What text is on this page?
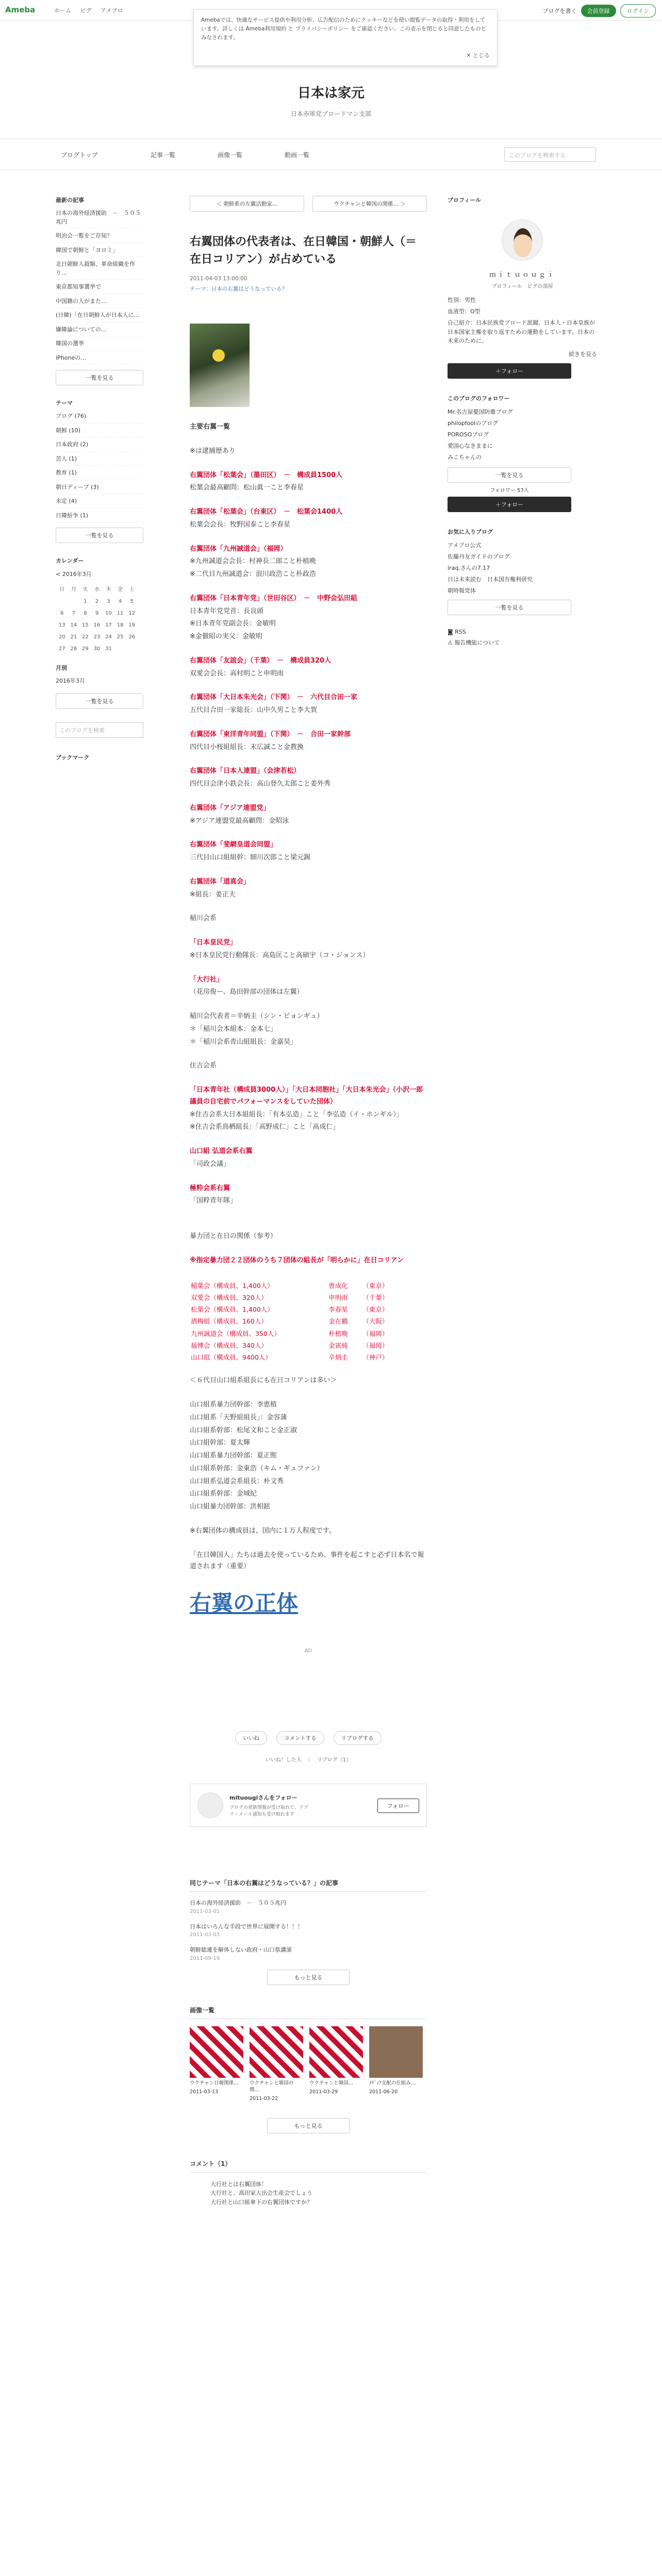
Ameba	ホーム ピグ アメブロ	ブログを書く	会員登録	ログイン
Amebaでは、快適なサービス提供や利用分析、広告配信のためにクッキーなどを使い閲覧データの取得・利用をしています。詳しくは Ameba利用規約 と プライバシーポリシー をご確認ください。この表示を閉じると同意したものとみなされます。
✕ とじる
日本は家元
日本赤軍党ブロードマン支部
ブログトップ	記事一覧	画像一覧	動画一覧	このブログを検索する
最新の記事
日本の海外経済援助　－　５０５兆円
明治会一覧をご存知？
韓国で朝鮮と「ヨロミ」
北日朝鮮人殺類、革命組織を作り…
東京都知事選挙で
中国籍の人がまた…
(日韓)「在日朝鮮人が日本人に…
嫌韓論についての…
韓国の選挙
iPhoneの…
一覧を見る
テーマ
ブログ (76)
朝鮮 (10)
日本政府 (2)
芸人 (1)
教育 (1)
朝日ディーブ (3)
未定 (4)
日韓紛争 (1)
一覧を見る
カレンダー
< 2016年3月
日	月	火	水	木	金	土
		1	2	3	4	5
6	7	8	9	10	11	12
13	14	15	16	17	18	19
20	21	22	23	24	25	26
27	28	29	30	31		
月別
2016年3月
一覧を見る
このブログを検索
ブックマーク
＜ 朝鮮系の左翼活動家…	ウクチャンと韓国の関係… ＞
右翼団体の代表者は、在日韓国・朝鮮人（＝在日コリアン）が占めている
2011-04-03 13:00:00
テーマ：日本の右翼はどうなっている？

主要右翼一覧

※は逮捕歴あり

右翼団体「松葉会」（墨田区）　－　構成員1500人

松葉会最高顧問：松山眞一こと李春星

右翼団体「松葉会」（台東区）　－　松葉会1400人

松葉会会長：牧野国泰こと李春星

右翼団体「九州誠道会」（福岡）

※九州誠道会会長：村神長二郎こと朴植晩

※二代目九州誠道会：浪川政浩こと朴政浩

右翼団体「日本青年党」（世田谷区）　－　中野会弘田組

日本青年党党首：長良頭

※日本青年党副会長：金敏明

※金徹昭の実父：金敏明

右翼団体「友誼会」（千葉）　－　構成員320人

双愛会会長：高村明こと申明雨

右翼団体「大日本朱光会」（下関）　－　六代目合田一家

五代目合田一家総長：山中久男こと李大賀

右翼団体「東洋青年同盟」（下関）　－　合田一家幹部

四代目小桜組組長：末広誠こと金教換

右翼団体「日本人連盟」（会津若松）

四代目会津小鉄会長：高山登久太郎こと姜外秀

右翼団体「アジア連盟党」

※アジア連盟党最高顧問：金昭泳

右翼団体「斐網皇道会同盟」

三代目山口組組幹：細川次郎こと梁元錫

右翼団体「道真会」

※組長：姜正夫

稲川会系

「日本皇民党」

※日本皇民党行動隊長：高島匡こと高碩宇（コ・ジョンス）

「大行社」

（花房俊ー、島田幹部の団体は左翼）

稲川会代表者＝辛炳圭（シン・ビョンギュ）

＊「稲川会本組本：金本七」

＊「稲川会系青山組組長：金嘉昊」

住吉会系

「日本青年社（構成員3000人）」「大日本同胞社」「大日本朱光会」（小沢一郎議員の自宅前でパフォーマンスをしていた団体）

※住吉会系大日本組組長：「有本弘造」こと「李弘造（イ・ホンギル）」

※住吉会系鳥栖組長：「高野成仁」こと「高成仁」

山口組 弘道会系右翼

「司政会議」

極粋会系右翼

「国粋青年隊」

暴力団と在日の関係（参考）

※指定暴力団２２団体のうち７団体の組長が「明らかに」在日コリアン

稲葉会（構成員、1,400人）	曺成化	（東京）
双愛会（構成員、320人）	申明雨	（千葉）
松葉会（構成員、1,400人）	李春星	（東京）
酒梅組（構成員、160人）	金在鶴	（大阪）
九州誠道会（構成員、350人）	朴植晩	（福岡）
福博会（構成員、340人）	金寅純	（福岡）
山口組（構成員、9400人）	辛炳圭	（神戸）

＜６代目山口組系組長にも在日コリアンは多い＞

山口組系暴力団幹部：李恵植

山口組系「天野組組長」：金容蒲

山口組系幹部：松尾文和こと金正淑

山口組幹部：夏太輝

山口組系暴力団幹部：夏正煕

山口組系幹部：金東浩（キム・ギュファン）

山口組系弘道会系組長：朴文秀

山口組系幹部：金城紀

山口組暴力団幹部：洪相鉉

※右翼団体の構成員は、国内に１万人程度です。

「在日韓国人」たちは過去を使っているため、事件を起こすと必ず日本名で報道されます（重要）

右翼の正体
AD
いいね	コメントする	リブログする
いいね！した人　｜　リブログ（1）
mituougiさんをフォロー
ブログの更新情報が受け取れて、アプリ・メール通知も受け取れます
フォロー
同じテーマ「日本の右翼はどうなっている？」の記事
日本の海外経済援助　－　５０５兆円
2011-03-01
日本はいろんな手段で世界に展開する！！！
2011-03-03
朝鮮総連を解体しない政府・山口県講演
2011-09-19
もっと見る
画像一覧
ウクチャン日韓関係…
2011-03-13
ウクチャンと韓国の関…
2011-03-22
ウクチャンと韓国…
2011-03-29
ﾒﾃﾞｨｱ支配の仕組み…
2011-06-20
もっと見る
コメント（1）
大行社とは右翼団体！
大行社と、高田家大出会生産会でしょう
大行社と山口組傘下の右翼団体ですか？
プロフィール
ｍｉｔｕｏｕｇｉ
プロフィール　ピグの部屋
性別：男性
血液型：O型
自己紹介：日本民族党ブロード派閥、日本人・日本皇族が日本国家主権を取り返すための運動をしています。日本の未来のために。
続きを見る
＋フォロー
このブログのフォロワー
Mr.名古屋憂国防衛ブログ
philopfoolのブログ
POROSOブログ
愛国心なきままに
みこちゃんの
一覧を見る
フォロワー 57人
＋フォロー
お気に入りブログ
アメブロ公式
佐藤丹友ガイドのブログ
iraq.さんの7.17
日は未来読む　日本国有権利研究
朝時報党体
一覧を見る
◙ RSS
⚠ 報告機能について
